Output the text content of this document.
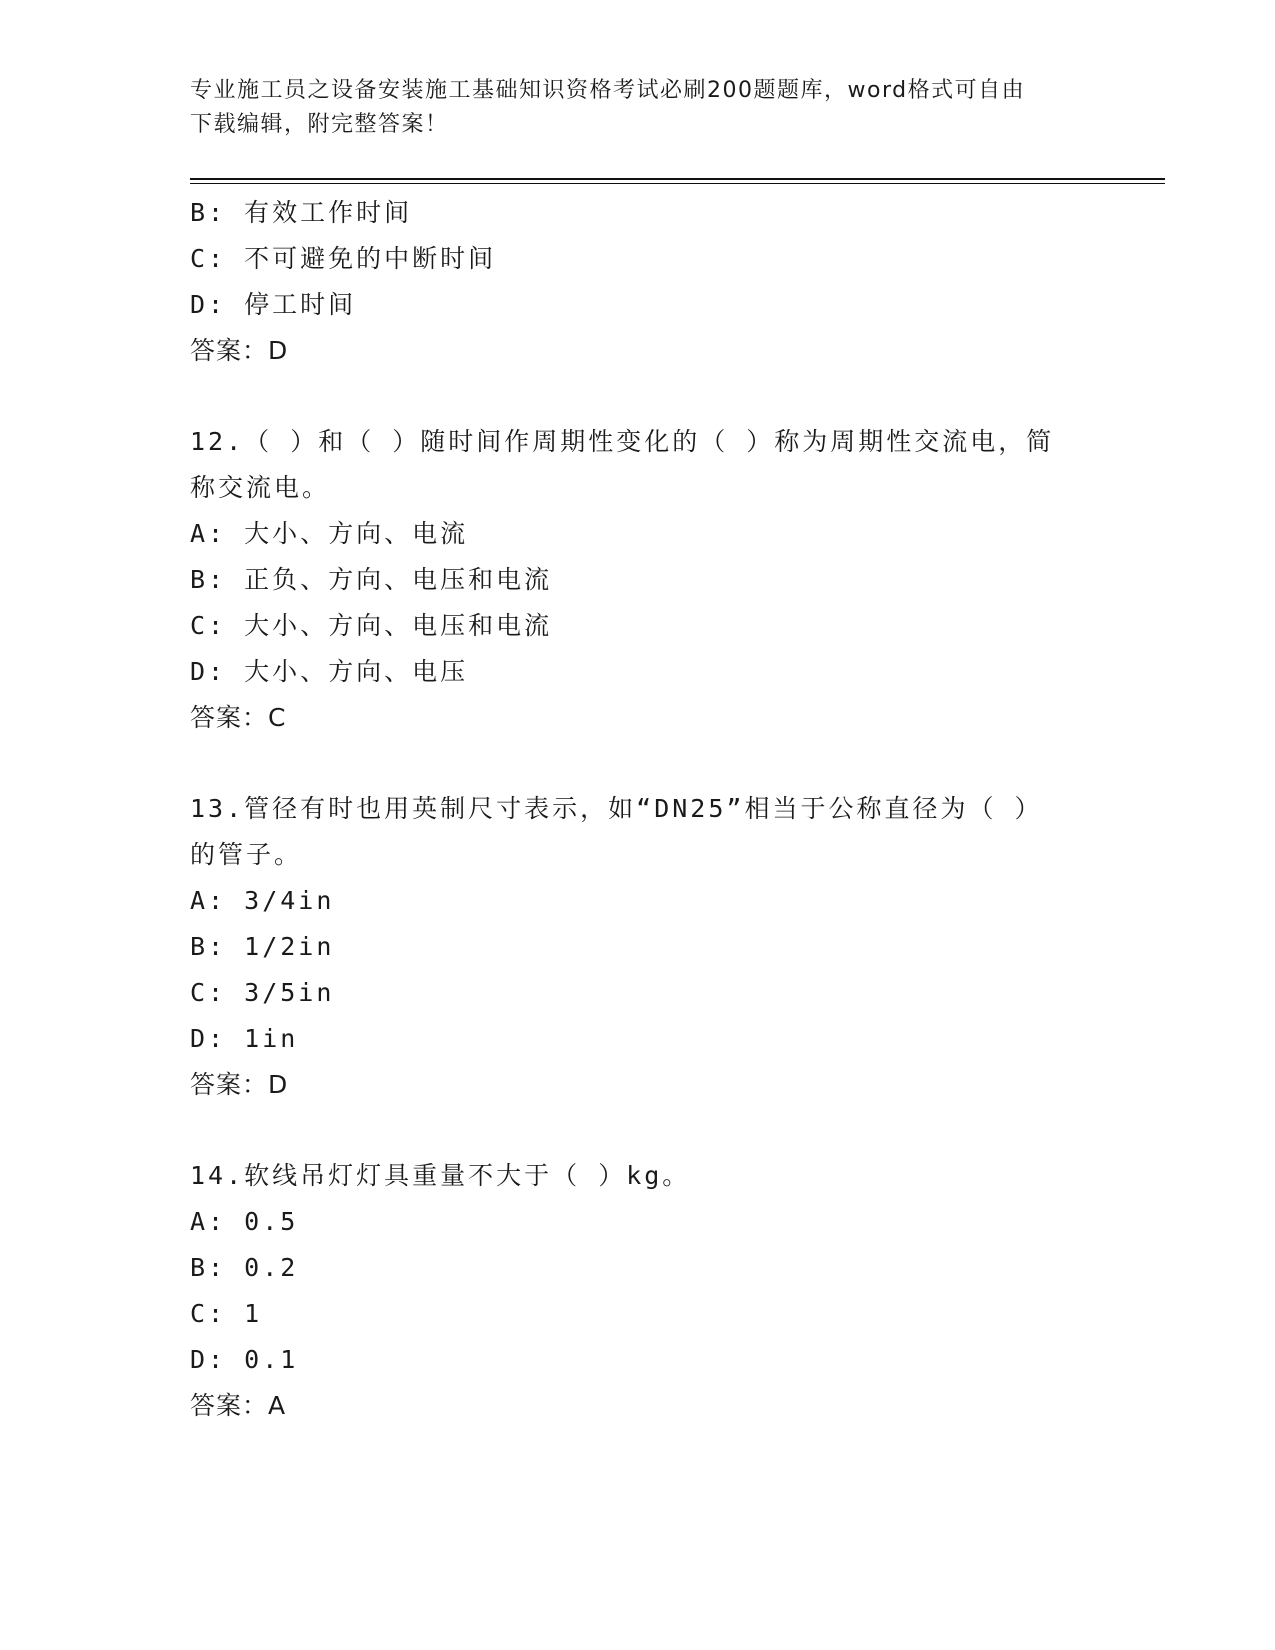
专业施工员之设备安装施工基础知识资格考试必刷200题题库，word格式可自由
下载编辑，附完整答案！
B: 有效工作时间
C: 不可避免的中断时间
D: 停工时间
答案：D
12.（ ）和（ ）随时间作周期性变化的（ ）称为周期性交流电，简
称交流电。
A: 大小、方向、电流
B: 正负、方向、电压和电流
C: 大小、方向、电压和电流
D: 大小、方向、电压
答案：C
13.管径有时也用英制尺寸表示，如“DN25”相当于公称直径为（ ）
的管子。
A: 3/4in
B: 1/2in
C: 3/5in
D: 1in
答案：D
14.软线吊灯灯具重量不大于（ ）kg。
A: 0.5
B: 0.2
C: 1
D: 0.1
答案：A
